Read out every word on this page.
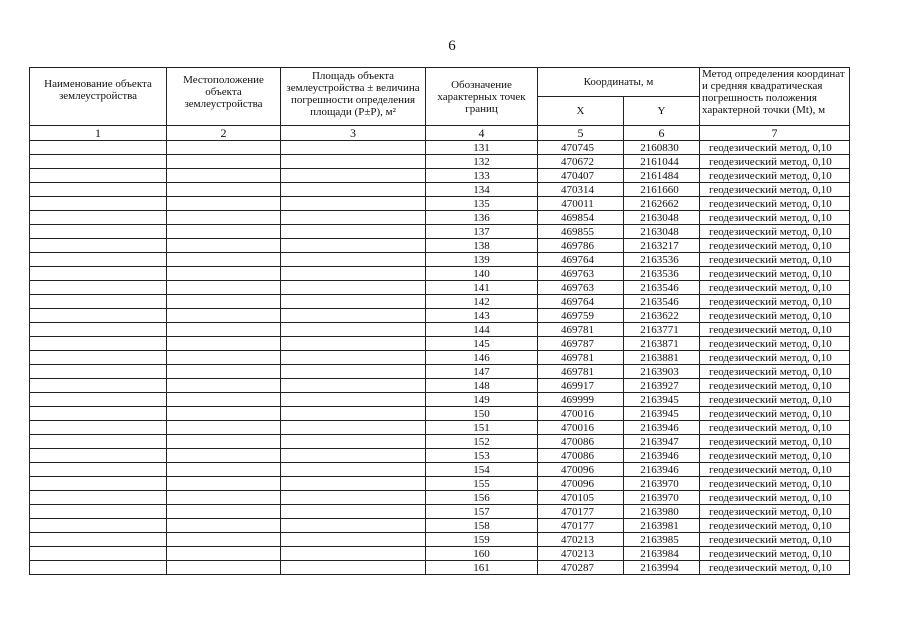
6
Наименование объекта землеустройства	Местоположение объекта землеустройства	Площадь объекта землеустройства ± величина погрешности определения площади (Р±Р), м²	Обозначение характерных точек границ	Координаты, м		Метод определения координат и средняя квадратическая погрешность положения характерной точки (Mt), м
				X	Y	
1	2	3	4	5	6	7
			131	470745	2160830	геодезический метод, 0,10
			132	470672	2161044	геодезический метод, 0,10
			133	470407	2161484	геодезический метод, 0,10
			134	470314	2161660	геодезический метод, 0,10
			135	470011	2162662	геодезический метод, 0,10
			136	469854	2163048	геодезический метод, 0,10
			137	469855	2163048	геодезический метод, 0,10
			138	469786	2163217	геодезический метод, 0,10
			139	469764	2163536	геодезический метод, 0,10
			140	469763	2163536	геодезический метод, 0,10
			141	469763	2163546	геодезический метод, 0,10
			142	469764	2163546	геодезический метод, 0,10
			143	469759	2163622	геодезический метод, 0,10
			144	469781	2163771	геодезический метод, 0,10
			145	469787	2163871	геодезический метод, 0,10
			146	469781	2163881	геодезический метод, 0,10
			147	469781	2163903	геодезический метод, 0,10
			148	469917	2163927	геодезический метод, 0,10
			149	469999	2163945	геодезический метод, 0,10
			150	470016	2163945	геодезический метод, 0,10
			151	470016	2163946	геодезический метод, 0,10
			152	470086	2163947	геодезический метод, 0,10
			153	470086	2163946	геодезический метод, 0,10
			154	470096	2163946	геодезический метод, 0,10
			155	470096	2163970	геодезический метод, 0,10
			156	470105	2163970	геодезический метод, 0,10
			157	470177	2163980	геодезический метод, 0,10
			158	470177	2163981	геодезический метод, 0,10
			159	470213	2163985	геодезический метод, 0,10
			160	470213	2163984	геодезический метод, 0,10
			161	470287	2163994	геодезический метод, 0,10
